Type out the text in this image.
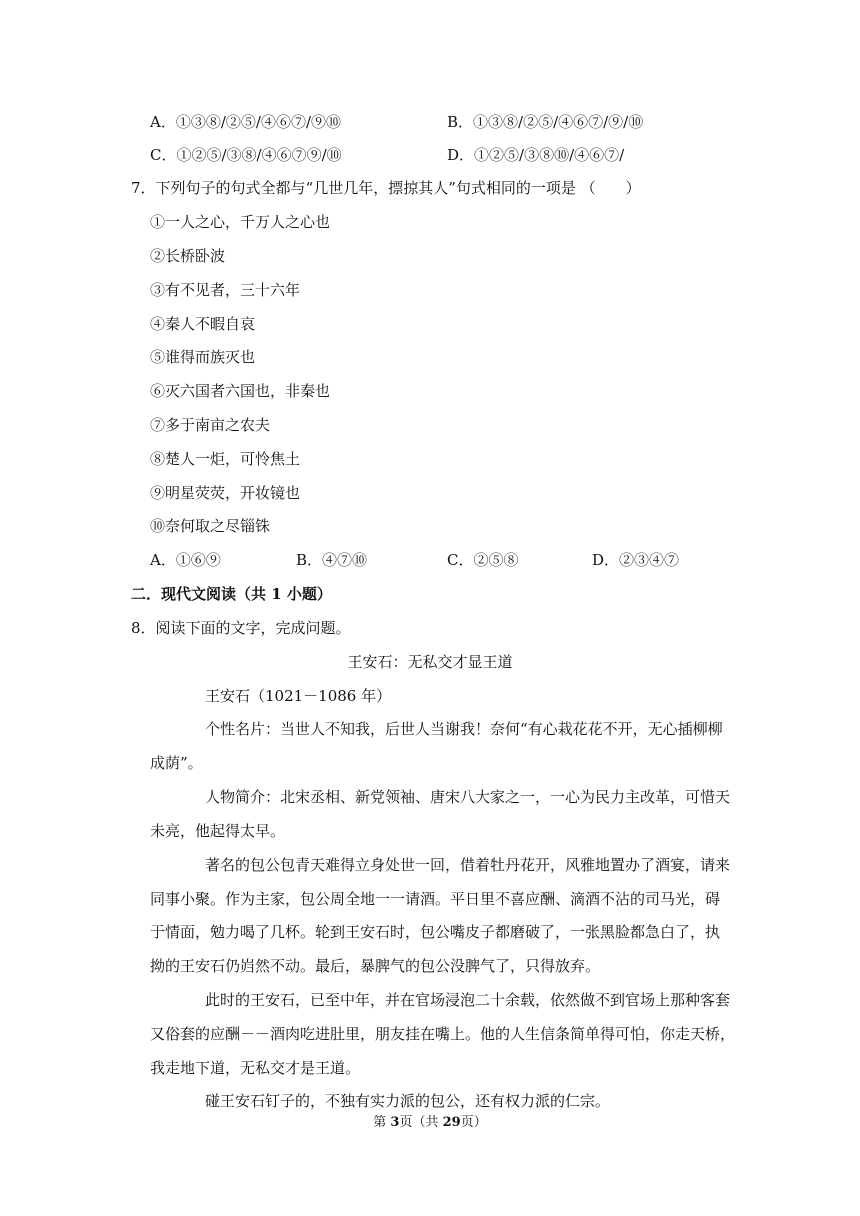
A．①③⑧/②⑤/④⑥⑦/⑨⑩	B．①③⑧/②⑤/④⑥⑦/⑨/⑩
C．①②⑤/③⑧/④⑥⑦⑨/⑩	D．①②⑤/③⑧⑩/④⑥⑦/
7．下列句子的句式全都与“几世几年，摽掠其人”句式相同的一项是 （　　）
①一人之心，千万人之心也
②长桥卧波
③有不见者，三十六年
④秦人不暇自哀
⑤谁得而族灭也
⑥灭六国者六国也，非秦也
⑦多于南亩之农夫
⑧楚人一炬，可怜焦土
⑨明星荧荧，开妆镜也
⑩奈何取之尽锱铢
A．①⑥⑨	B．④⑦⑩	C．②⑤⑧	D．②③④⑦
二．现代文阅读（共 1 小题）
8．阅读下面的文字，完成问题。
王安石：无私交才显王道
王安石（1021－1086 年）
个性名片：当世人不知我，后世人当谢我！奈何“有心栽花花不开，无心插柳柳
成荫”。
人物简介：北宋丞相、新党领袖、唐宋八大家之一，一心为民力主改革，可惜天
未亮，他起得太早。
著名的包公包青天难得立身处世一回，借着牡丹花开，风雅地置办了酒宴，请来
同事小聚。作为主家，包公周全地一一请酒。平日里不喜应酬、滴酒不沾的司马光，碍
于情面，勉力喝了几杯。轮到王安石时，包公嘴皮子都磨破了，一张黑脸都急白了，执
拗的王安石仍岿然不动。最后，暴脾气的包公没脾气了，只得放弃。
此时的王安石，已至中年，并在官场浸泡二十余载，依然做不到官场上那种客套
又俗套的应酬－－酒肉吃进肚里，朋友挂在嘴上。他的人生信条简单得可怕，你走天桥，
我走地下道，无私交才是王道。
碰王安石钉子的，不独有实力派的包公，还有权力派的仁宗。
第 3页（共 29页）
